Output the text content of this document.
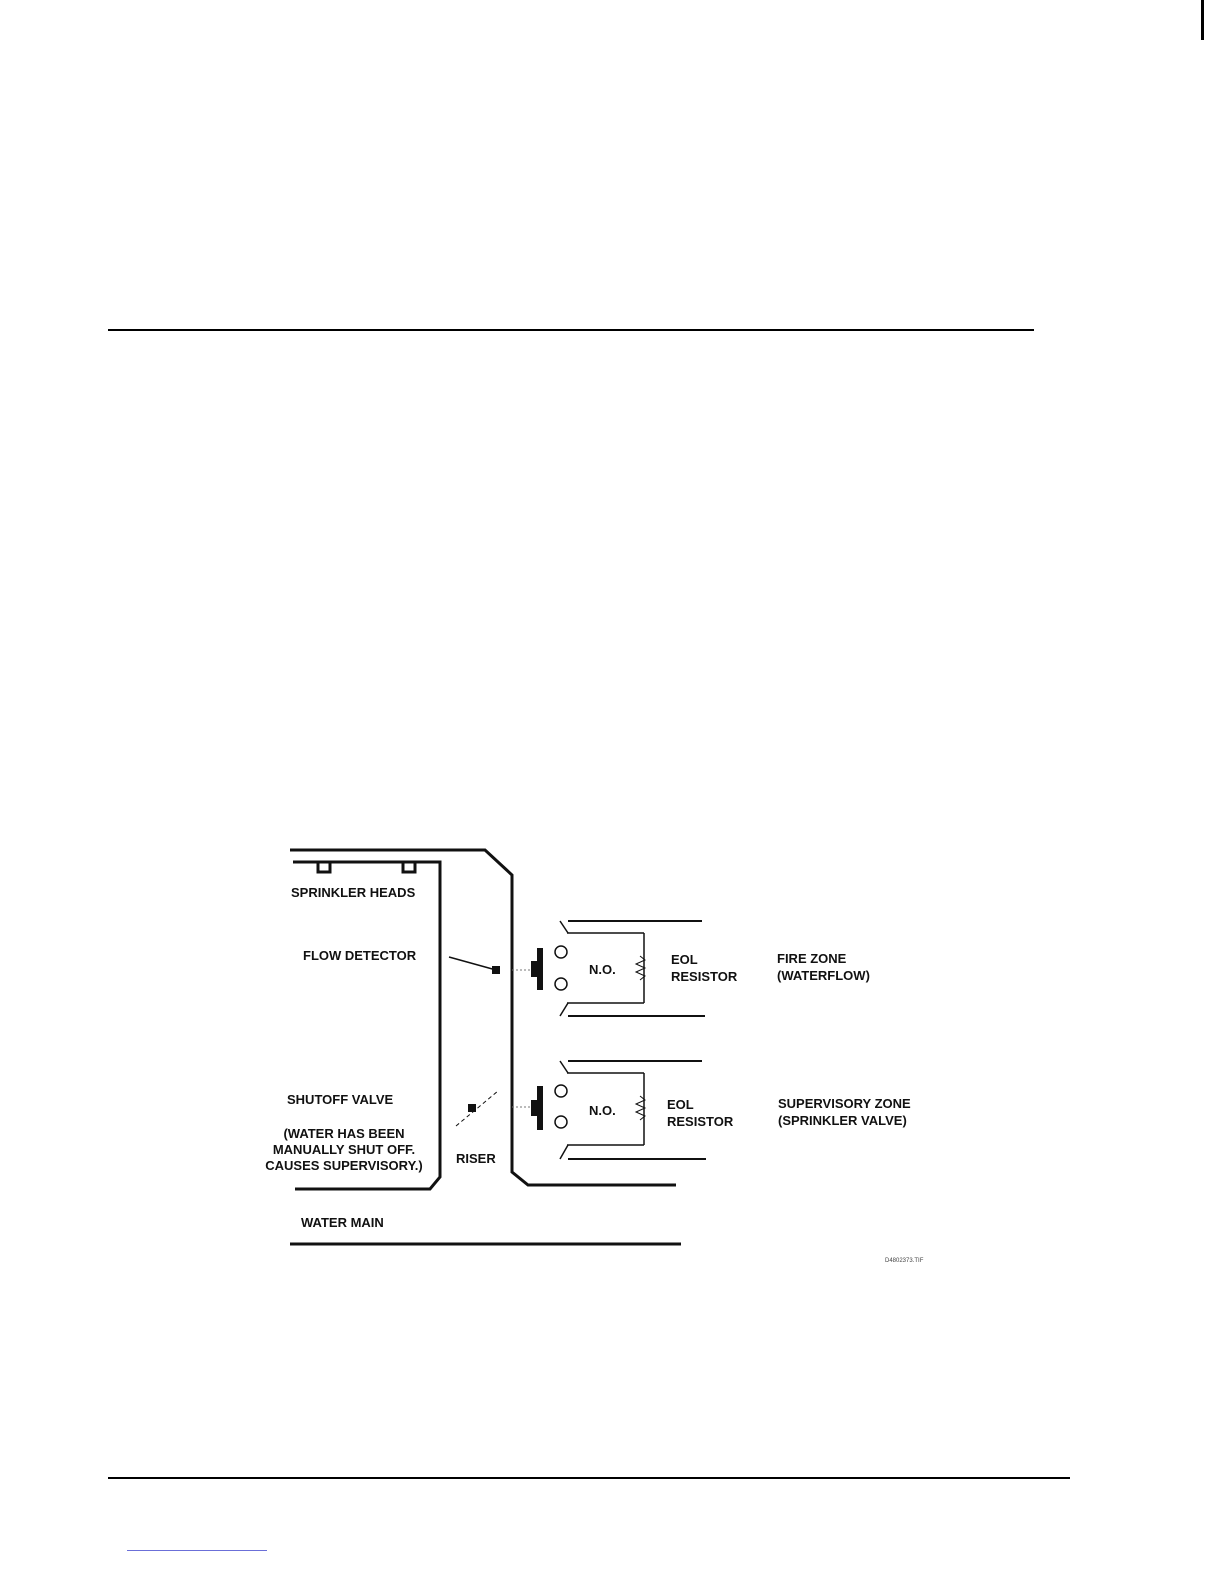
SPRINKLER HEADS
FLOW DETECTOR
SHUTOFF VALVE
(WATER HAS BEEN
MANUALLY SHUT OFF.
CAUSES SUPERVISORY.)	RISER
WATER MAIN
N.O.
EOL
RESISTOR
FIRE ZONE
(WATERFLOW)
N.O.	EOL
RESISTOR
SUPERVISORY ZONE
(SPRINKLER VALVE)
D4802373.TIF
